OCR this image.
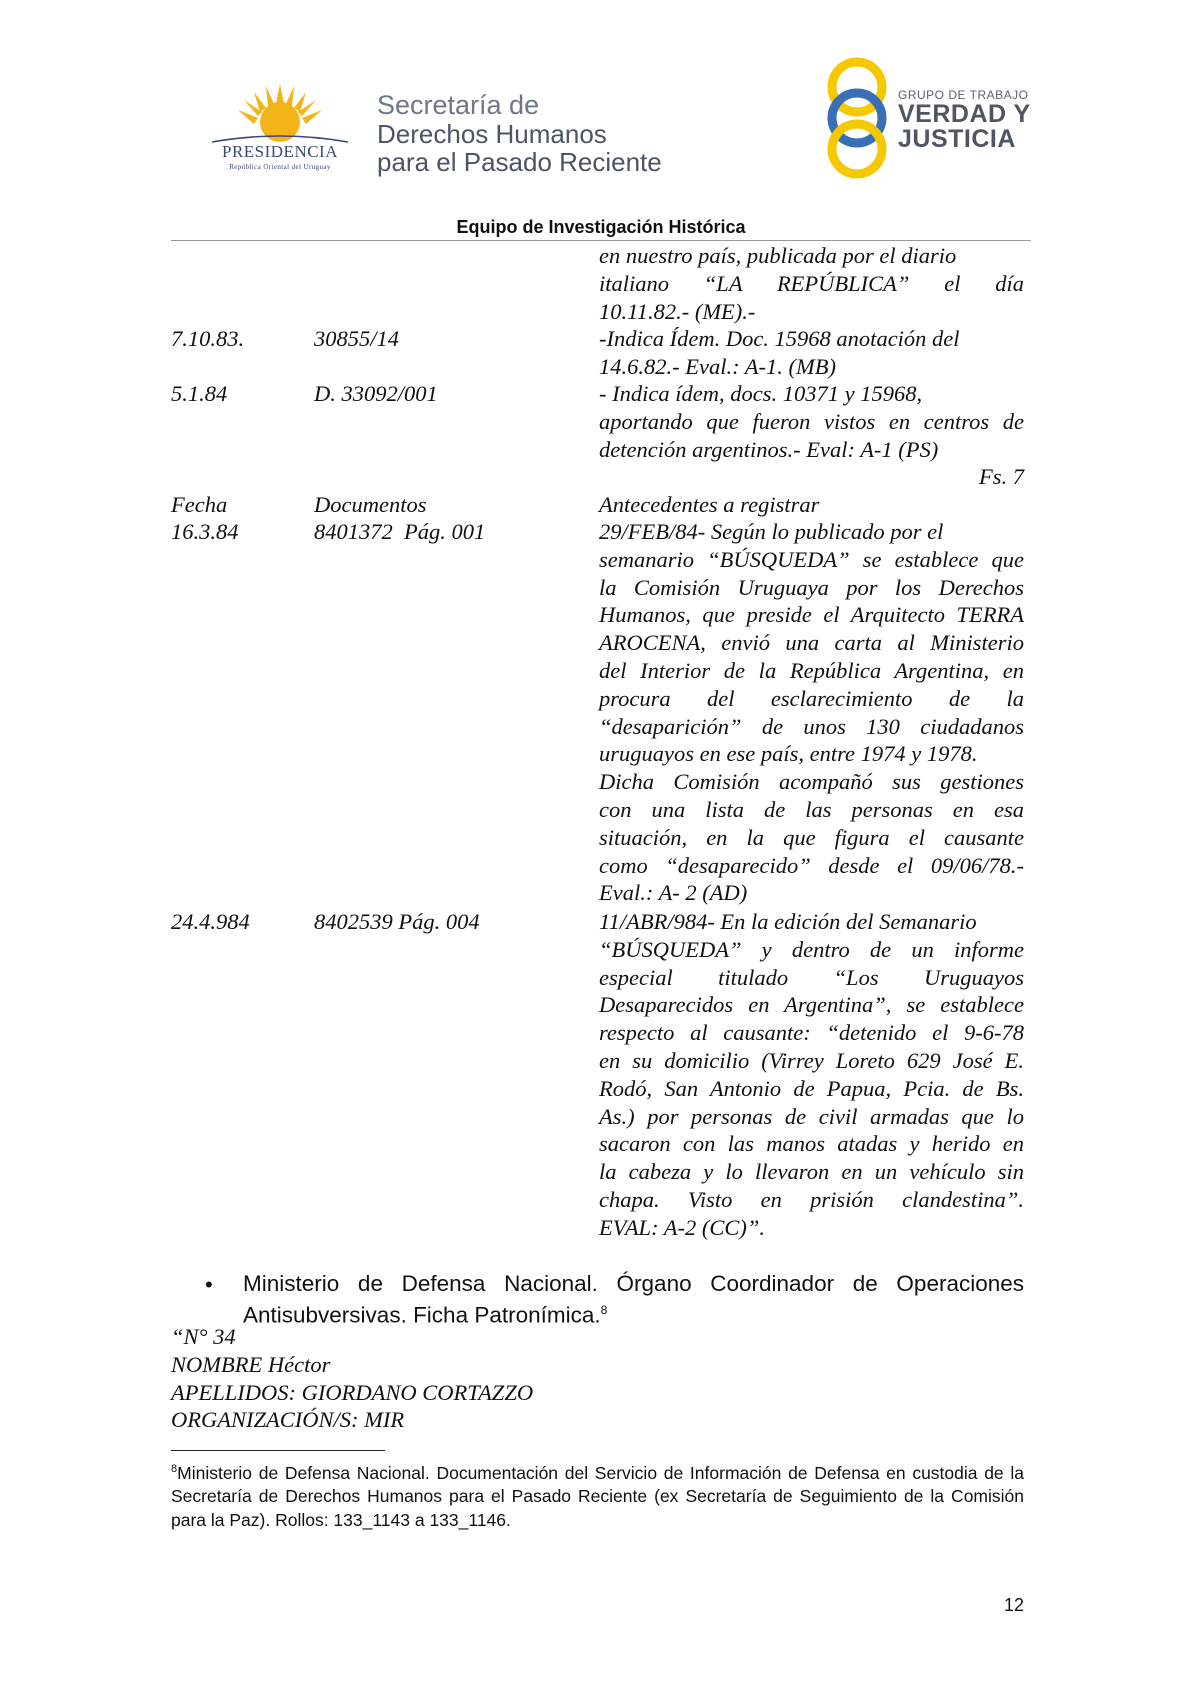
PRESIDENCIA
República Oriental del Uruguay
Secretaría de
Derechos Humanos
para el Pasado Reciente
GRUPO DE TRABAJO
VERDAD Y
JUSTICIA
Equipo de Investigación Histórica
en nuestro país, publicada por el diario
italiano “LA REPÚBLICA” el día
10.11.82.- (ME).-
7.10.83.	30855/14	-Indica Ídem. Doc. 15968 anotación del
14.6.82.- Eval.: A-1. (MB)
5.1.84	D. 33092/001	- Indica ídem, docs. 10371 y 15968,
aportando que fueron vistos en centros de
detención argentinos.- Eval: A-1 (PS)
Fs. 7
Fecha	Documentos	Antecedentes a registrar
16.3.84	8401372  Pág. 001	29/FEB/84- Según lo publicado por el
semanario “BÚSQUEDA” se establece que
la Comisión Uruguaya por los Derechos
Humanos, que preside el Arquitecto TERRA
AROCENA, envió una carta al Ministerio
del Interior de la República Argentina, en
procura del esclarecimiento de la
“desaparición” de unos 130 ciudadanos
uruguayos en ese país, entre 1974 y 1978.
Dicha Comisión acompañó sus gestiones
con una lista de las personas en esa
situación, en la que figura el causante
como “desaparecido” desde el 09/06/78.-
Eval.: A- 2 (AD)
24.4.984	8402539 Pág. 004	11/ABR/984- En la edición del Semanario
“BÚSQUEDA” y dentro de un informe
especial titulado “Los Uruguayos
Desaparecidos en Argentina”, se establece
respecto al causante: “detenido el 9-6-78
en su domicilio (Virrey Loreto 629 José E.
Rodó, San Antonio de Papua, Pcia. de Bs.
As.) por personas de civil armadas que lo
sacaron con las manos atadas y herido en
la cabeza y lo llevaron en un vehículo sin
chapa. Visto en prisión clandestina”.
EVAL: A-2 (CC)”.
• Ministerio de Defensa Nacional. Órgano Coordinador de Operaciones Antisubversivas. Ficha Patronímica.$^8$
“N° 34
NOMBRE Héctor
APELLIDOS: GIORDANO CORTAZZO
ORGANIZACIÓN/S: MIR
$^8$Ministerio de Defensa Nacional. Documentación del Servicio de Información de Defensa en custodia de la Secretaría de Derechos Humanos para el Pasado Reciente (ex Secretaría de Seguimiento de la Comisión para la Paz). Rollos: 133_1143 a 133_1146.
12
